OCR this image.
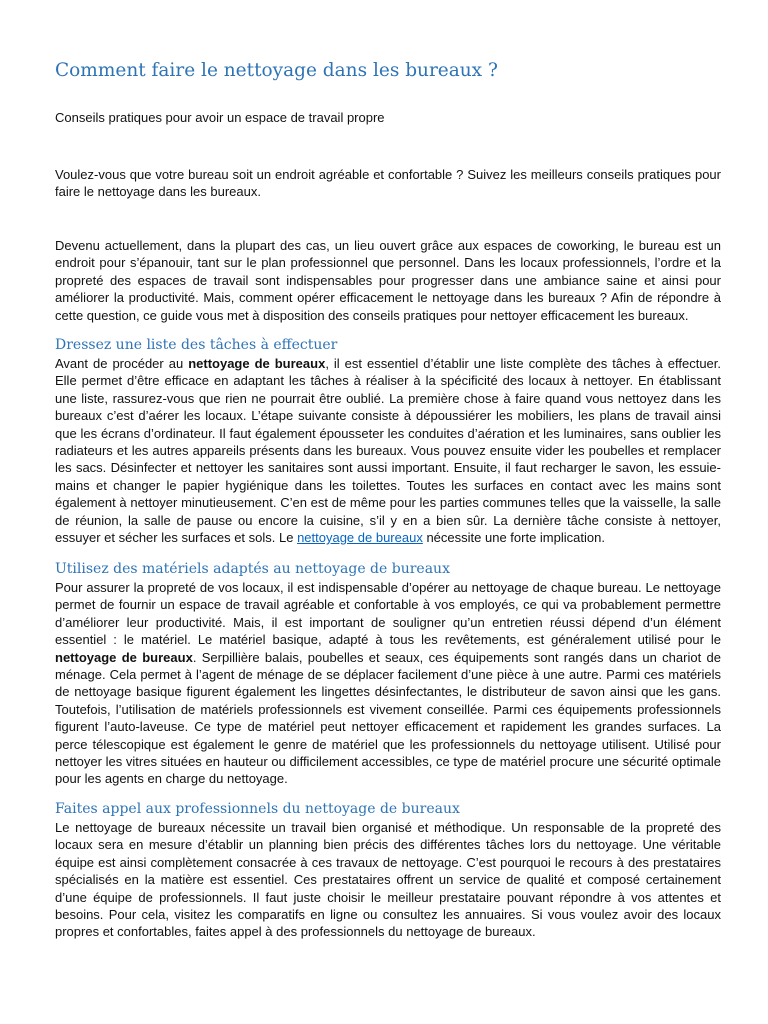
Comment faire le nettoyage dans les bureaux ?

Conseils pratiques pour avoir un espace de travail propre

Voulez-vous que votre bureau soit un endroit agréable et confortable ? Suivez les meilleurs conseils pratiques pour faire le nettoyage dans les bureaux.

Devenu actuellement, dans la plupart des cas, un lieu ouvert grâce aux espaces de coworking, le bureau est un endroit pour s’épanouir, tant sur le plan professionnel que personnel. Dans les locaux professionnels, l’ordre et la propreté des espaces de travail sont indispensables pour progresser dans une ambiance saine et ainsi pour améliorer la productivité. Mais, comment opérer efficacement le nettoyage dans les bureaux ? Afin de répondre à cette question, ce guide vous met à disposition des conseils pratiques pour nettoyer efficacement les bureaux.

Dressez une liste des tâches à effectuer

Avant de procéder au nettoyage de bureaux, il est essentiel d’établir une liste complète des tâches à effectuer. Elle permet d’être efficace en adaptant les tâches à réaliser à la spécificité des locaux à nettoyer. En établissant une liste, rassurez-vous que rien ne pourrait être oublié. La première chose à faire quand vous nettoyez dans les bureaux c’est d’aérer les locaux. L’étape suivante consiste à dépoussiérer les mobiliers, les plans de travail ainsi que les écrans d’ordinateur. Il faut également épousseter les conduites d’aération et les luminaires, sans oublier les radiateurs et les autres appareils présents dans les bureaux. Vous pouvez ensuite vider les poubelles et remplacer les sacs. Désinfecter et nettoyer les sanitaires sont aussi important. Ensuite, il faut recharger le savon, les essuie-mains et changer le papier hygiénique dans les toilettes. Toutes les surfaces en contact avec les mains sont également à nettoyer minutieusement. C’en est de même pour les parties communes telles que la vaisselle, la salle de réunion, la salle de pause ou encore la cuisine, s’il y en a bien sûr. La dernière tâche consiste à nettoyer, essuyer et sécher les surfaces et sols. Le nettoyage de bureaux nécessite une forte implication.

Utilisez des matériels adaptés au nettoyage de bureaux

Pour assurer la propreté de vos locaux, il est indispensable d’opérer au nettoyage de chaque bureau. Le nettoyage permet de fournir un espace de travail agréable et confortable à vos employés, ce qui va probablement permettre d’améliorer leur productivité. Mais, il est important de souligner qu’un entretien réussi dépend d’un élément essentiel : le matériel. Le matériel basique, adapté à tous les revêtements, est généralement utilisé pour le nettoyage de bureaux. Serpillière balais, poubelles et seaux, ces équipements sont rangés dans un chariot de ménage. Cela permet à l’agent de ménage de se déplacer facilement d’une pièce à une autre. Parmi ces matériels de nettoyage basique figurent également les lingettes désinfectantes, le distributeur de savon ainsi que les gans. Toutefois, l’utilisation de matériels professionnels est vivement conseillée. Parmi ces équipements professionnels figurent l’auto-laveuse. Ce type de matériel peut nettoyer efficacement et rapidement les grandes surfaces. La perce télescopique est également le genre de matériel que les professionnels du nettoyage utilisent. Utilisé pour nettoyer les vitres situées en hauteur ou difficilement accessibles, ce type de matériel procure une sécurité optimale pour les agents en charge du nettoyage.

Faites appel aux professionnels du nettoyage de bureaux

Le nettoyage de bureaux nécessite un travail bien organisé et méthodique. Un responsable de la propreté des locaux sera en mesure d’établir un planning bien précis des différentes tâches lors du nettoyage. Une véritable équipe est ainsi complètement consacrée à ces travaux de nettoyage. C’est pourquoi le recours à des prestataires spécialisés en la matière est essentiel. Ces prestataires offrent un service de qualité et composé certainement d’une équipe de professionnels. Il faut juste choisir le meilleur prestataire pouvant répondre à vos attentes et besoins. Pour cela, visitez les comparatifs en ligne ou consultez les annuaires. Si vous voulez avoir des locaux propres et confortables, faites appel à des professionnels du nettoyage de bureaux.
